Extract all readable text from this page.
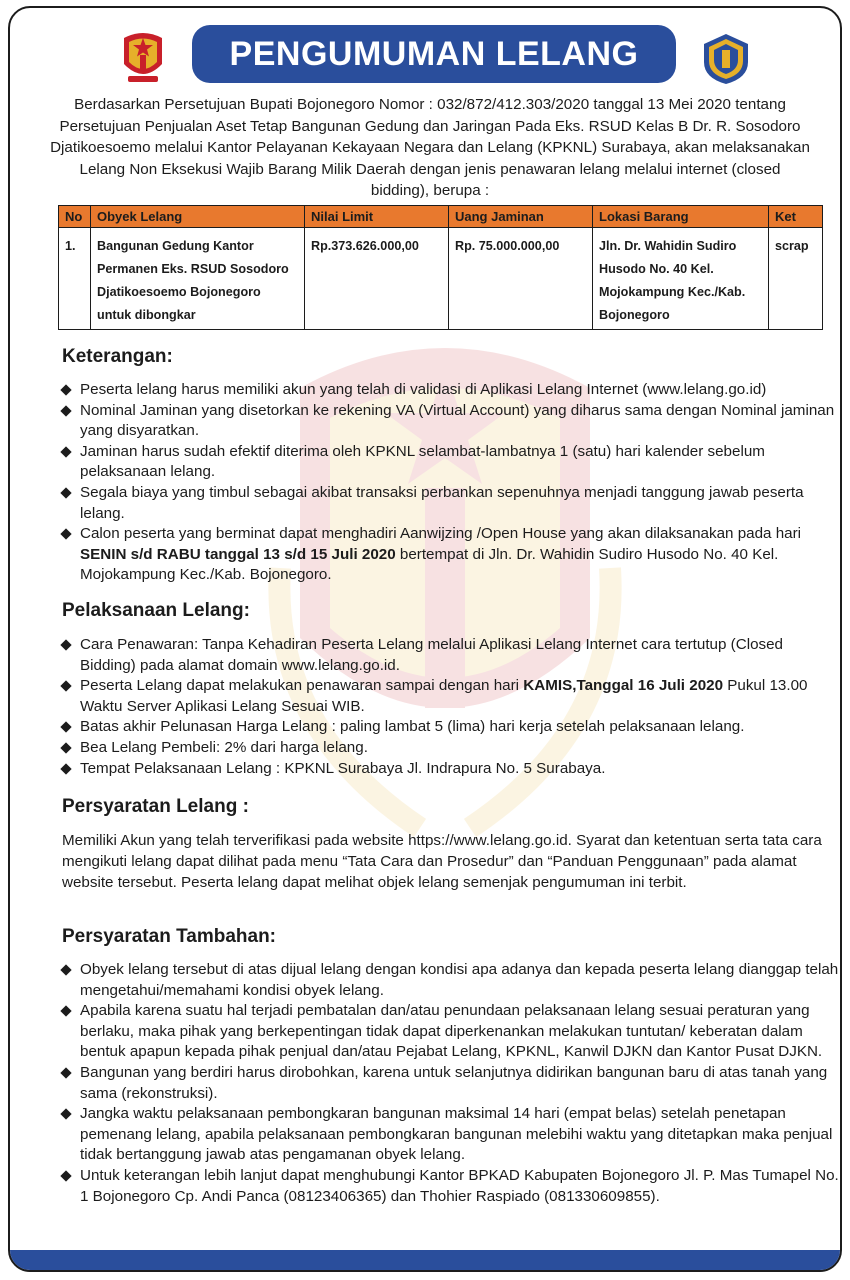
PENGUMUMAN LELANG
Berdasarkan Persetujuan Bupati Bojonegoro Nomor : 032/872/412.303/2020 tanggal 13 Mei 2020 tentang Persetujuan Penjualan Aset Tetap Bangunan Gedung dan Jaringan Pada Eks. RSUD Kelas B Dr. R. Sosodoro Djatikoesoemo melalui Kantor Pelayanan Kekayaan Negara dan Lelang (KPKNL) Surabaya, akan melaksanakan Lelang Non Eksekusi Wajib Barang Milik Daerah dengan jenis penawaran lelang melalui internet (closed bidding), berupa :
No	Obyek Lelang	Nilai Limit	Uang Jaminan	Lokasi Barang	Ket
1.	Bangunan Gedung Kantor Permanen Eks. RSUD Sosodoro Djatikoesoemo Bojonegoro untuk dibongkar	Rp.373.626.000,00	Rp. 75.000.000,00	Jln. Dr. Wahidin Sudiro Husodo No. 40 Kel. Mojokampung Kec./Kab. Bojonegoro	scrap
Keterangan:
Peserta lelang harus memiliki akun yang telah di validasi di Aplikasi Lelang Internet (www.lelang.go.id)
Nominal Jaminan yang disetorkan ke rekening VA (Virtual Account) yang diharus sama dengan Nominal jaminan yang disyaratkan.
Jaminan harus sudah efektif diterima oleh KPKNL selambat-lambatnya 1 (satu) hari kalender sebelum pelaksanaan lelang.
Segala biaya yang timbul sebagai akibat transaksi perbankan sepenuhnya menjadi tanggung jawab peserta lelang.
Calon peserta yang berminat dapat menghadiri Aanwijzing /Open House yang akan dilaksanakan pada hari SENIN s/d RABU tanggal 13 s/d 15 Juli 2020 bertempat di Jln. Dr. Wahidin Sudiro Husodo No. 40 Kel. Mojokampung Kec./Kab. Bojonegoro.
Pelaksanaan Lelang:
Cara Penawaran: Tanpa Kehadiran Peserta Lelang melalui Aplikasi Lelang Internet cara tertutup (Closed Bidding) pada alamat domain www.lelang.go.id.
Peserta Lelang dapat melakukan penawaran sampai dengan hari KAMIS,Tanggal 16 Juli 2020 Pukul 13.00 Waktu Server Aplikasi Lelang Sesuai WIB.
Batas akhir Pelunasan Harga Lelang : paling lambat 5 (lima) hari kerja setelah pelaksanaan lelang.
Bea Lelang Pembeli: 2% dari harga lelang.
Tempat Pelaksanaan Lelang : KPKNL Surabaya Jl. Indrapura No. 5 Surabaya.
Persyaratan Lelang :
Memiliki Akun yang telah terverifikasi pada website https://www.lelang.go.id. Syarat dan ketentuan serta tata cara mengikuti lelang dapat dilihat pada menu “Tata Cara dan Prosedur” dan “Panduan Penggunaan” pada alamat website tersebut. Peserta lelang dapat melihat objek lelang semenjak pengumuman ini terbit.
Persyaratan Tambahan:
Obyek lelang tersebut di atas dijual lelang dengan kondisi apa adanya dan kepada peserta lelang dianggap telah mengetahui/memahami kondisi obyek lelang.
Apabila karena suatu hal terjadi pembatalan dan/atau penundaan pelaksanaan lelang sesuai peraturan yang berlaku, maka pihak yang berkepentingan tidak dapat diperkenankan melakukan tuntutan/ keberatan dalam bentuk apapun kepada pihak penjual dan/atau Pejabat Lelang, KPKNL, Kanwil DJKN dan Kantor Pusat DJKN.
Bangunan yang berdiri harus dirobohkan, karena untuk selanjutnya didirikan bangunan baru di atas tanah yang sama (rekonstruksi).
Jangka waktu pelaksanaan pembongkaran bangunan maksimal 14 hari (empat belas) setelah penetapan pemenang lelang, apabila pelaksanaan pembongkaran bangunan melebihi waktu yang ditetapkan maka penjual tidak bertanggung jawab atas pengamanan obyek lelang.
Untuk keterangan lebih lanjut dapat menghubungi Kantor BPKAD Kabupaten Bojonegoro Jl. P. Mas Tumapel No. 1 Bojonegoro Cp. Andi Panca (08123406365) dan Thohier Raspiado (081330609855).
